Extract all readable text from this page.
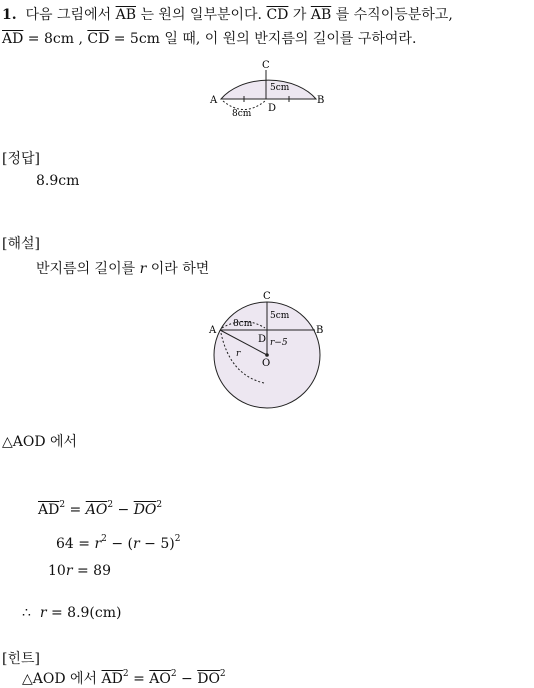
1. 다음 그림에서 $\overline{AB}$ 는 원의 일부분이다. $\overline{CD}$ 가 $\overline{AB}$ 를 수직이등분하고,
$\overline{AD} = 8cm$ , $\overline{CD} = 5cm$ 일 때, 이 원의 반지름의 길이를 구하여라.
A	B
C
D
5cm
8cm
[정답]
8.9cm
[해설]
반지름의 길이를 r 이라 하면
A	B
C
D
O
5cm
8cm
r−5
r
△AOD 에서
$\overline{AD}^2 = \overline{AO}^2 - \overline{DO}^2$
$64 = r^2 - (r - 5)^2$
10r = 89
∴ r = 8.9(cm)
[힌트]
△AOD 에서 $\overline{AD}^2 = \overline{AO}^2 - \overline{DO}^2$
